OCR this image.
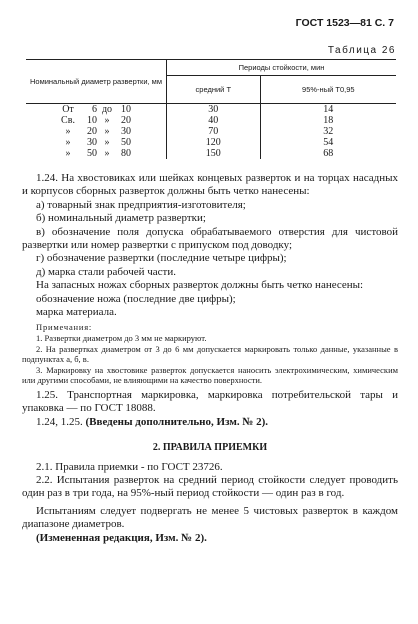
ГОСТ 1523—81 С. 7
Таблица 26
Номинальный диаметр развертки, мм	Периоды стойкости, мин	
	средний T	95%-ный T0,95
От 6 до 10	30	14
Св. 10 » 20	40	18
» 20 » 30	70	32
» 30 » 50	120	54
» 50 » 80	150	68

1.24. На хвостовиках или шейках концевых разверток и на торцах насадных и корпусов сборных разверток должны быть четко нанесены:

а) товарный знак предприятия-изготовителя;

б) номинальный диаметр развертки;

в) обозначение поля допуска обрабатываемого отверстия для чистовой развертки или номер развертки с припуском под доводку;

г) обозначение развертки (последние четыре цифры);

д) марка стали рабочей части.

На запасных ножах сборных разверток должны быть четко нанесены:

обозначение ножа (последние две цифры);

марка материала.

Примечания:

1. Развертки диаметром до 3 мм не маркируют.

2. На развертках диаметром от 3 до 6 мм допускается маркировать только данные, указанные в подпунктах а, б, в.

3. Маркировку на хвостовике разверток допускается наносить электрохимическим, химическим или другими способами, не влияющими на качество поверхности.

1.25. Транспортная маркировка, маркировка потребительской тары и упаковка — по ГОСТ 18088.

1.24, 1.25. (Введены дополнительно, Изм. № 2).

2. ПРАВИЛА ПРИЕМКИ

2.1. Правила приемки - по ГОСТ 23726.

2.2. Испытания разверток на средний период стойкости следует проводить один раз в три года, на 95%-ный период стойкости — один раз в год.

Испытаниям следует подвергать не менее 5 чистовых разверток в каждом диапазоне диаметров.

(Измененная редакция, Изм. № 2).
